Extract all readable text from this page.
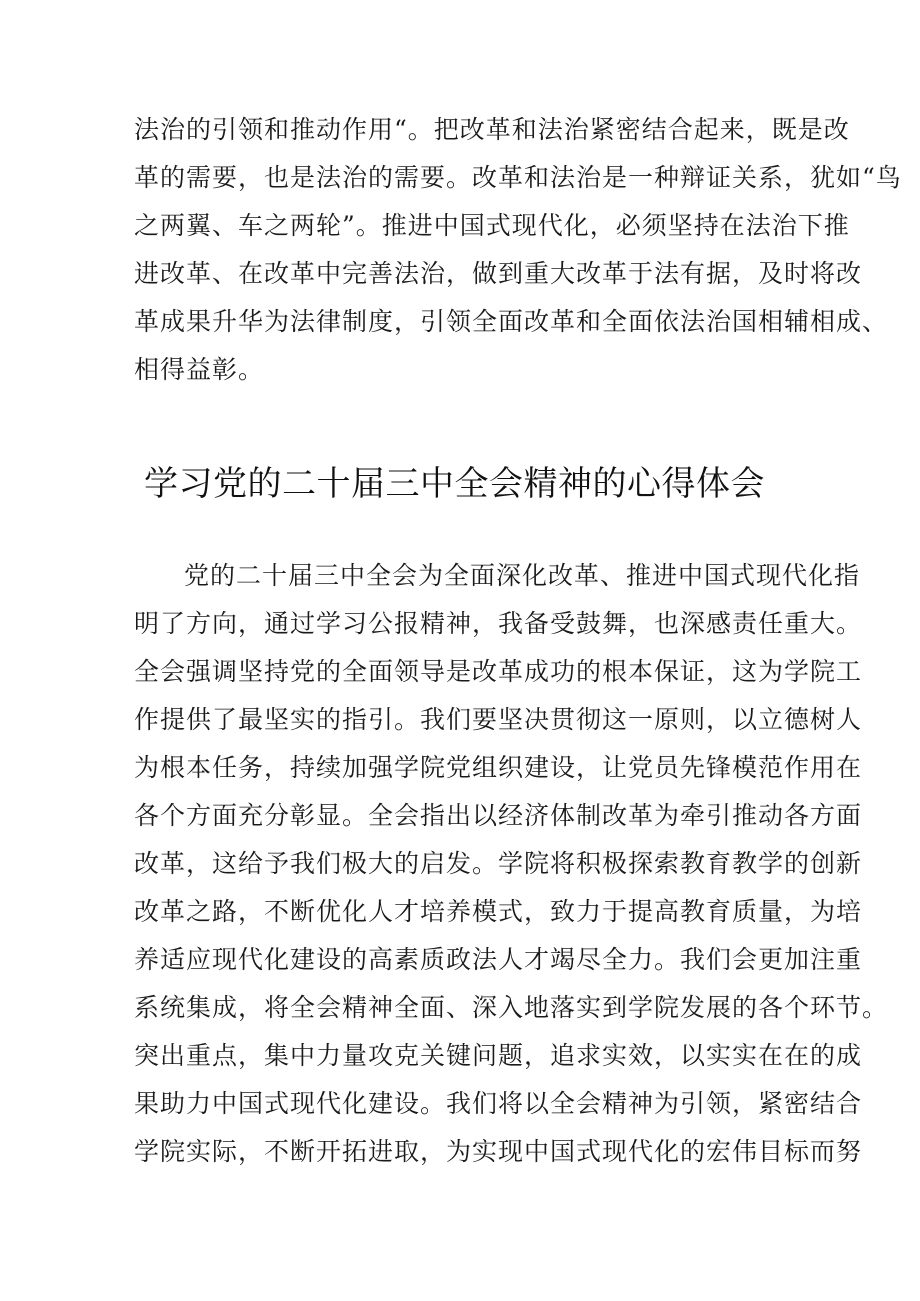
法治的引领和推动作用“。把改革和法治紧密结合起来，既是改
革的需要，也是法治的需要。改革和法治是一种辩证关系，犹如“鸟
之两翼、车之两轮”。推进中国式现代化，必须坚持在法治下推
进改革、在改革中完善法治，做到重大改革于法有据，及时将改
革成果升华为法律制度，引领全面改革和全面依法治国相辅相成、
相得益彰。
学习党的二十届三中全会精神的心得体会
党的二十届三中全会为全面深化改革、推进中国式现代化指
明了方向，通过学习公报精神，我备受鼓舞，也深感责任重大。
全会强调坚持党的全面领导是改革成功的根本保证，这为学院工
作提供了最坚实的指引。我们要坚决贯彻这一原则，以立德树人
为根本任务，持续加强学院党组织建设，让党员先锋模范作用在
各个方面充分彰显。全会指出以经济体制改革为牵引推动各方面
改革，这给予我们极大的启发。学院将积极探索教育教学的创新
改革之路，不断优化人才培养模式，致力于提高教育质量，为培
养适应现代化建设的高素质政法人才竭尽全力。我们会更加注重
系统集成，将全会精神全面、深入地落实到学院发展的各个环节。
突出重点，集中力量攻克关键问题，追求实效，以实实在在的成
果助力中国式现代化建设。我们将以全会精神为引领，紧密结合
学院实际，不断开拓进取，为实现中国式现代化的宏伟目标而努
